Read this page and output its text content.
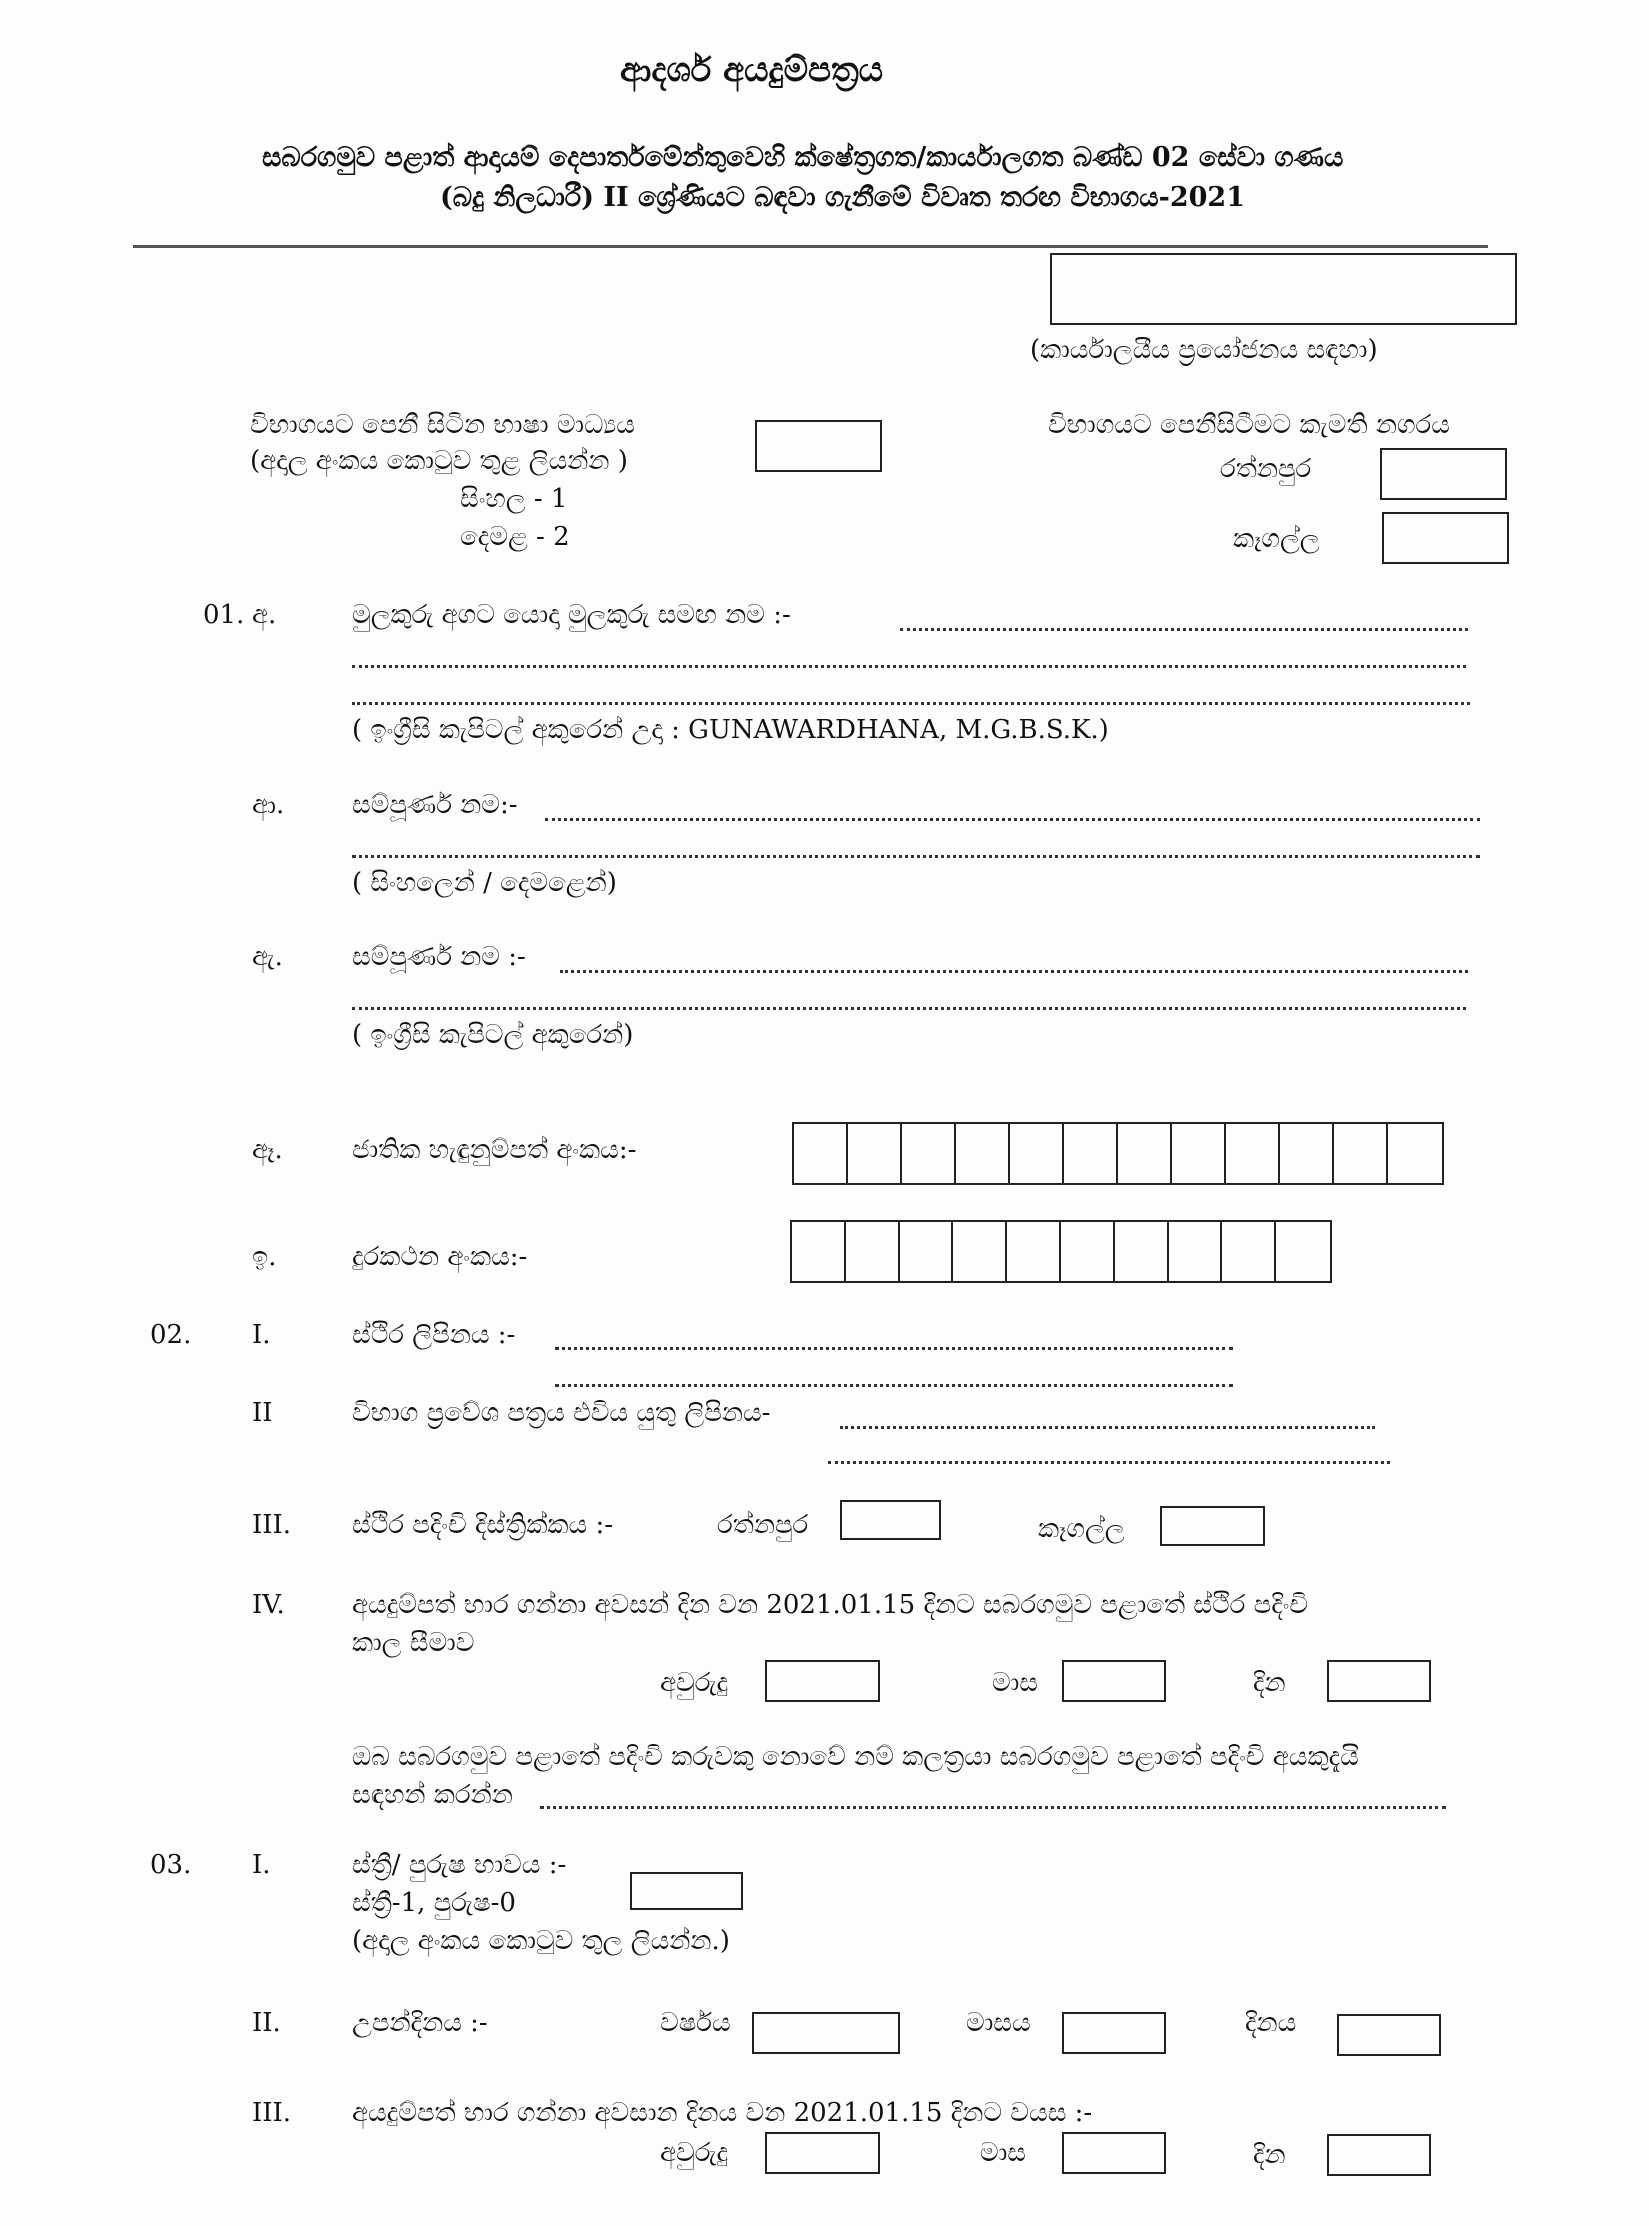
ආදර්ශ අයදුම්පත්‍රය
සබරගමුව පළාත් ආදායම් දෙපාර්තමේන්තුවෙහි ක්ෂේත්‍රගත/කාර්යාලගත බණ්ඩ 02 සේවා ගණය
(බදු නිලධාරී) II ශ්‍රේණියට බඳවා ගැනීමේ විවෘත තරඟ විභාගය-2021
(කාර්යාලයීය ප්‍රයෝජනය සඳහා)
විභාගයට පෙනී සිටින භාෂා මාධ්‍යය
(අදාල අංකය කොටුව තුළ ලියන්න )
සිංහල - 1
දෙමළ - 2
විභාගයට පෙනීසිටීමට කැමති නගරය
රත්නපුර
කෑගල්ල
01. අ.	මුලකුරු අගට යොදා මුලකුරු සමඟ නම :-
( ඉංග්‍රීසි කැපිටල් අකුරෙන් උදා : GUNAWARDHANA, M.G.B.S.K.)
ආ.	සම්පූර්ණ නම:-
( සිංහලෙන් / දෙමළෙන්)
ඇ.	සම්පූර්ණ නම :-
( ඉංග්‍රීසි කැපිටල් අකුරෙන්)
ඈ.	ජාතික හැඳුනුම්පත් අංකය:-
ඉ.	දුරකථන අංකය:-
02. I.	ස්ථිර ලිපිනය :-
II	විභාග ප්‍රවේශ පත්‍රය එවිය යුතු ලිපිනය-
III. ස්ථිර පදිංචි දිස්ත්‍රික්කය :-	රත්නපුර	කෑගල්ල
IV.	අයදුම්පත් භාර ගන්නා අවසන් දින වන 2021.01.15 දිනට සබරගමුව පළාතේ ස්ථිර පදිංචි
කාල සීමාව
අවුරුදු	මාස	දින
ඔබ සබරගමුව පළාතේ පදිංචි කරුවකු නොවේ නම් කලත්‍රයා සබරගමුව පළාතේ පදිංචි අයකුදැයි
සඳහන් කරන්න
03. I.	ස්ත්‍රී/ පුරුෂ භාවය :-
ස්ත්‍රී-1, පුරුෂ-0
(අදාල අංකය කොටුව තුල ලියන්න.)
II.	උපන්දිනය :-	වර්ෂය	මාසය	දිනය
III. අයදුම්පත් භාර ගන්නා අවසාන දිනය වන 2021.01.15 දිනට වයස :-
අවුරුදු	මාස	දින
